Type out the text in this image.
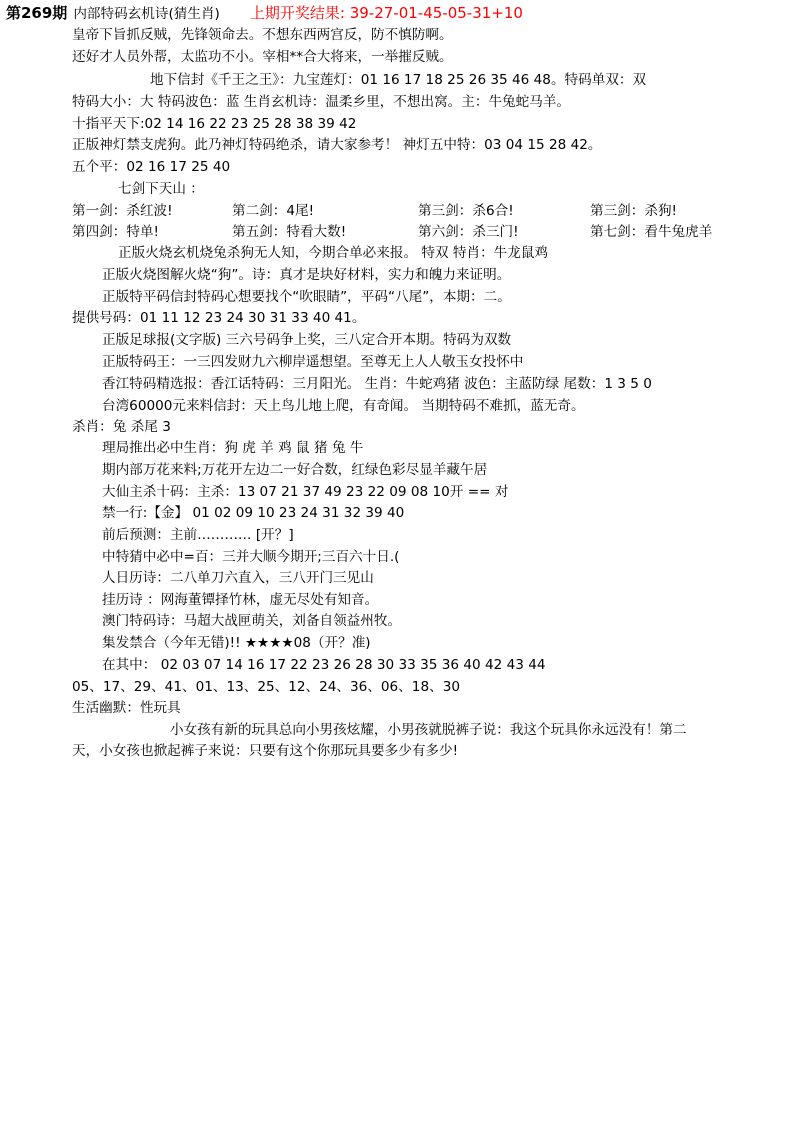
第269期 内部特码玄机诗(猜生肖) 上期开奖结果: 39-27-01-45-05-31+10
皇帝下旨抓反贼，先锋领命去。不想东西两宫反，防不慎防啊。
还好才人员外帮，太监功不小。宰相**合大将来，一举摧反贼。
地下信封《千王之王》：九宝莲灯：01 16 17 18 25 26 35 46 48。特码单双：双
特码大小：大 特码波色：蓝 生肖玄机诗：温柔乡里，不想出窝。主：牛兔蛇马羊。
十指平天下:02 14 16 22 23 25 28 38 39 42
正版神灯禁支虎狗。此乃神灯特码绝杀，请大家参考！ 神灯五中特：03 04 15 28 42。
五个平：02 16 17 25 40
七剑下天山 ：
第一剑：杀红波!	第二剑：4尾!	第三剑：杀6合!	第三剑：杀狗!
第四剑：特单!	第五剑：特看大数!	第六剑：杀三门!	第七剑：看牛兔虎羊
正版火烧玄机烧兔杀狗无人知，今期合单必来报。 特双 特肖：牛龙鼠鸡
正版火烧图解火烧“狗”。诗：真才是块好材料，实力和魄力来证明。
正版特平码信封特码心想要找个“吹眼睛”，平码“八尾”，本期：二。
提供号码：01 11 12 23 24 30 31 33 40 41。
正版足球报(文字版) 三六号码争上奖，三八定合开本期。特码为双数
正版特码王：一三四发财九六柳岸遥想望。至尊无上人人敬玉女投怀中
香江特码精选报：香江话特码：三月阳光。 生肖：牛蛇鸡猪 波色：主蓝防绿 尾数：1 3 5 0
台湾60000元来料信封：天上鸟儿地上爬，有奇闻。 当期特码不难抓，蓝无奇。
杀肖：兔 杀尾 3
理局推出必中生肖：狗 虎 羊 鸡 鼠 猪 兔 牛
期内部万花来料;万花开左边二一好合数，红绿色彩尽显羊藏午居
大仙主杀十码：主杀：13 07 21 37 49 23 22 09 08 10开 == 对
禁一行:【金】 01 02 09 10 23 24 31 32 39 40
前后预测：主前………… [开？]
中特猜中必中=百：三并大顺今期开;三百六十日.(
人日历诗：二八单刀六直入，三八开门三见山
挂历诗 ：网海董镡择竹林，虚无尽处有知音。
澳门特码诗：马超大战匣萌关，刘备自领益州牧。
集发禁合（今年无错)!! ★★★★08（开？准)
在其中： 02 03 07 14 16 17 22 23 26 28 30 33 35 36 40 42 43 44
05、17、29、41、01、13、25、12、24、36、06、18、30
生活幽默：性玩具
小女孩有新的玩具总向小男孩炫耀，小男孩就脱裤子说：我这个玩具你永远没有！第二
天，小女孩也掀起裤子来说：只要有这个你那玩具要多少有多少!
